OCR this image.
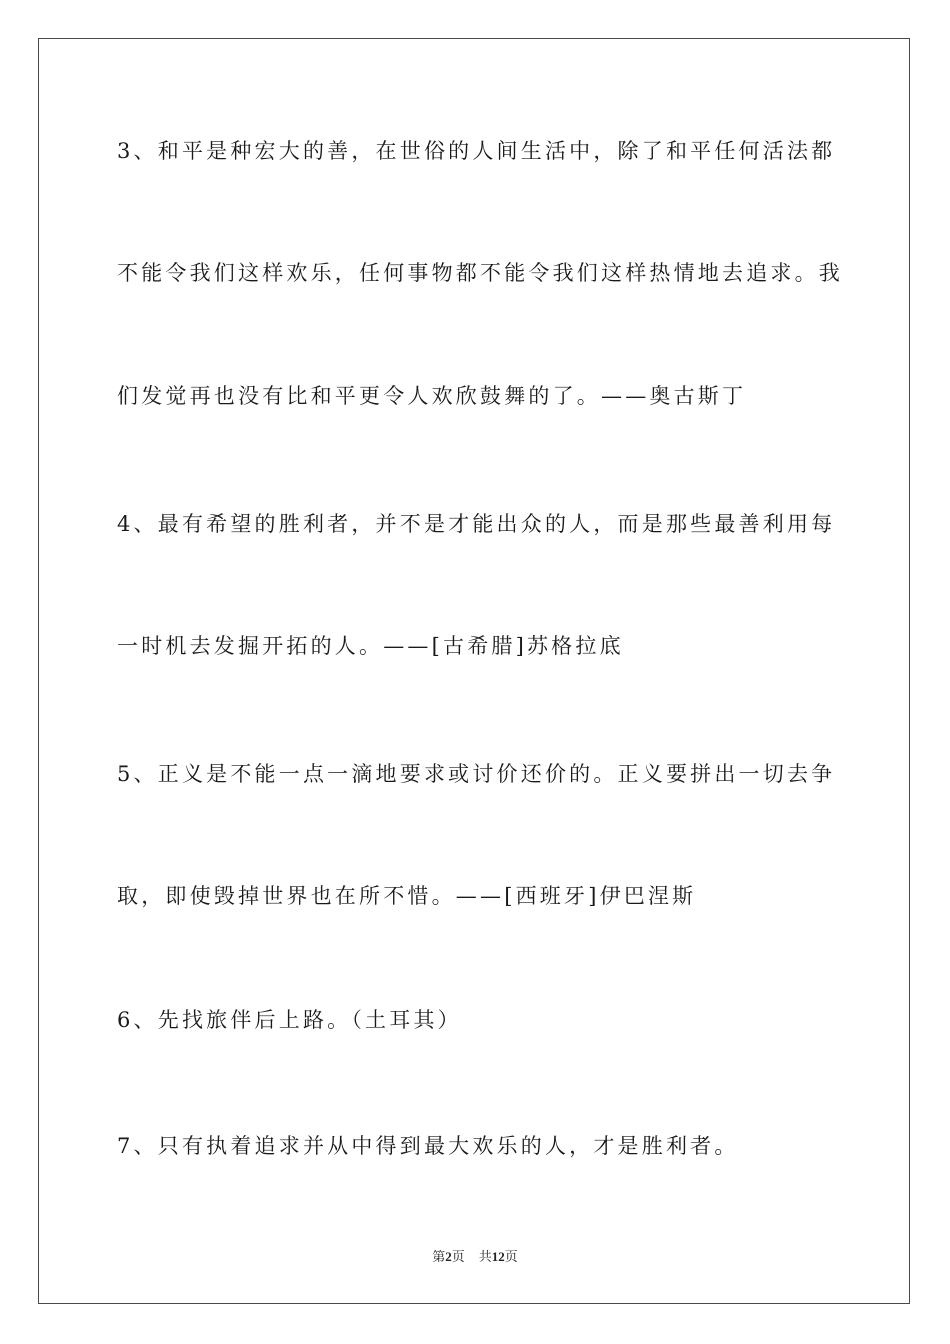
3、和平是种宏大的善，在世俗的人间生活中，除了和平任何活法都
不能令我们这样欢乐，任何事物都不能令我们这样热情地去追求。我
们发觉再也没有比和平更令人欢欣鼓舞的了。——奥古斯丁
4、最有希望的胜利者，并不是才能出众的人，而是那些最善利用每
一时机去发掘开拓的人。——[古希腊]苏格拉底
5、正义是不能一点一滴地要求或讨价还价的。正义要拼出一切去争
取，即使毁掉世界也在所不惜。——[西班牙]伊巴涅斯
6、先找旅伴后上路。（土耳其）
7、只有执着追求并从中得到最大欢乐的人，才是胜利者。
第2页 共12页
